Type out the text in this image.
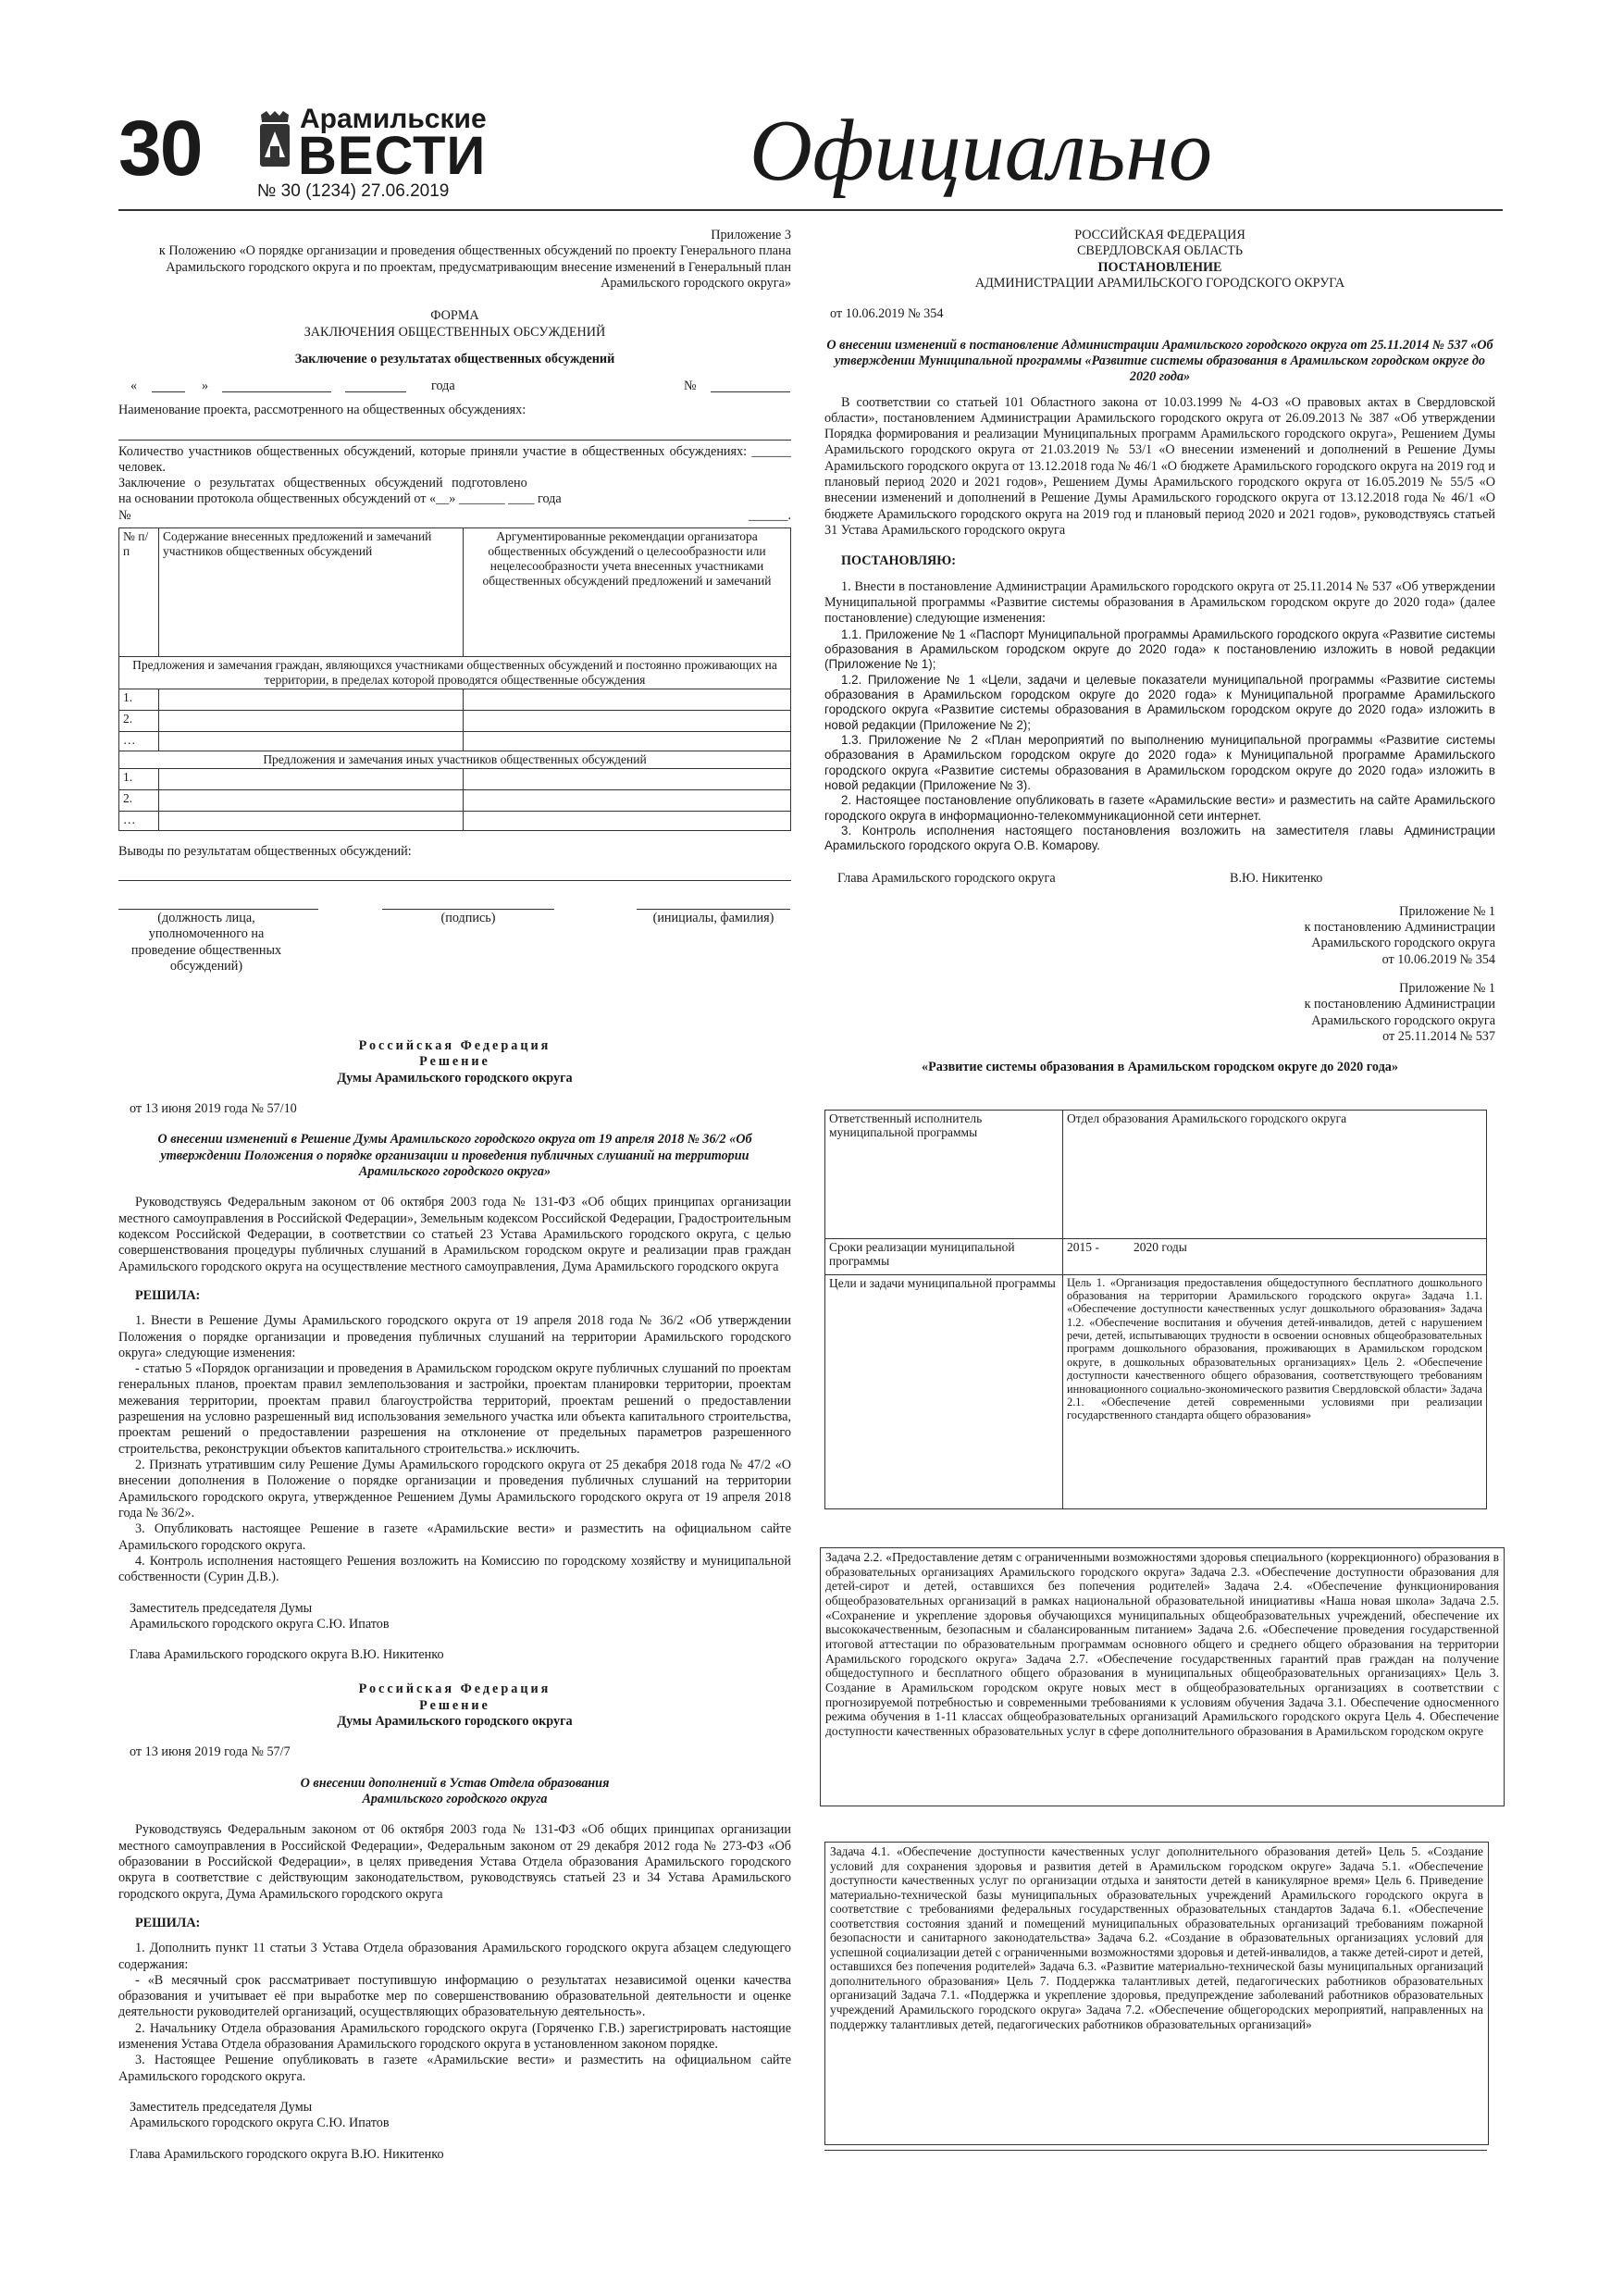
30	Арамильские
ВЕСТИ
№ 30 (1234) 27.06.2019	Официально

Приложение 3

к Положению «О порядке организации и проведения общественных обсуждений по проекту Генерального плана Арамильского городского округа и по проектам, предусматривающим внесение изменений в Генеральный план Арамильского городского округа»

ФОРМА

ЗАКЛЮЧЕНИЯ ОБЩЕСТВЕННЫХ ОБСУЖДЕНИЙ

Заключение о результатах общественных обсуждений

«	»	года	№

Наименование проекта, рассмотренного на общественных обсуждениях:

Количество участников общественных обсуждений, которые приняли участие в общественных обсуждениях: ______ человек.

Заключение о результатах общественных обсуждений подготовлено

на основании протокола общественных обсуждений от «__» _______ ____ года

№	______.

№ п/п	Содержание внесенных предложений и замечаний участников общественных обсуждений	Аргументированные рекомендации организатора общественных обсуждений о целесообразности или нецелесообразности учета внесенных участниками общественных обсуждений предложений и замечаний
Предложения и замечания граждан, являющихся участниками общественных обсуждений и постоянно проживающих на территории, в пределах которой проводятся общественные обсуждения		
1.		
2.		
…		
Предложения и замечания иных участников общественных обсуждений		
1.		
2.		
…		

Выводы по результатам общественных обсуждений:

(должность лица, уполномоченного на проведение общественных обсуждений)
(подпись)	(инициалы, фамилия)

Российская Федерация

Решение

Думы Арамильского городского округа

от 13 июня 2019 года № 57/10

О внесении изменений в Решение Думы Арамильского городского округа от 19 апреля 2018 № 36/2 «Об утверждении Положения о порядке организации и проведения публичных слушаний на территории Арамильского городского округа»

Руководствуясь Федеральным законом от 06 октября 2003 года № 131-ФЗ «Об общих принципах организации местного самоуправления в Российской Федерации», Земельным кодексом Российской Федерации, Градостроительным кодексом Российской Федерации, в соответствии со статьей 23 Устава Арамильского городского округа, с целью совершенствования процедуры публичных слушаний в Арамильском городском округе и реализации прав граждан Арамильского городского округа на осуществление местного самоуправления, Дума Арамильского городского округа

РЕШИЛА:

1. Внести в Решение Думы Арамильского городского округа от 19 апреля 2018 года № 36/2 «Об утверждении Положения о порядке организации и проведения публичных слушаний на территории Арамильского городского округа» следующие изменения:

- статью 5 «Порядок организации и проведения в Арамильском городском округе публичных слушаний по проектам генеральных планов, проектам правил землепользования и застройки, проектам планировки территории, проектам межевания территории, проектам правил благоустройства территорий, проектам решений о предоставлении разрешения на условно разрешенный вид использования земельного участка или объекта капитального строительства, проектам решений о предоставлении разрешения на отклонение от предельных параметров разрешенного строительства, реконструкции объектов капитального строительства.» исключить.

2. Признать утратившим силу Решение Думы Арамильского городского округа от 25 декабря 2018 года № 47/2 «О внесении дополнения в Положение о порядке организации и проведения публичных слушаний на территории Арамильского городского округа, утвержденное Решением Думы Арамильского городского округа от 19 апреля 2018 года № 36/2».

3. Опубликовать настоящее Решение в газете «Арамильские вести» и разместить на официальном сайте Арамильского городского округа.

4. Контроль исполнения настоящего Решения возложить на Комиссию по городскому хозяйству и муниципальной собственности (Сурин Д.В.).

Заместитель председателя Думы

Арамильского городского округа С.Ю. Ипатов

Глава Арамильского городского округа В.Ю. Никитенко

Российская Федерация

Решение

Думы Арамильского городского округа

от 13 июня 2019 года № 57/7

О внесении дополнений в Устав Отдела образования Арамильского городского округа

Руководствуясь Федеральным законом от 06 октября 2003 года № 131-ФЗ «Об общих принципах организации местного самоуправления в Российской Федерации», Федеральным законом от 29 декабря 2012 года № 273-ФЗ «Об образовании в Российской Федерации», в целях приведения Устава Отдела образования Арамильского городского округа в соответствие с действующим законодательством, руководствуясь статьей 23 и 34 Устава Арамильского городского округа, Дума Арамильского городского округа

РЕШИЛА:

1. Дополнить пункт 11 статьи 3 Устава Отдела образования Арамильского городского округа абзацем следующего содержания:

- «В месячный срок рассматривает поступившую информацию о результатах независимой оценки качества образования и учитывает её при выработке мер по совершенствованию образовательной деятельности и оценке деятельности руководителей организаций, осуществляющих образовательную деятельность».

2. Начальнику Отдела образования Арамильского городского округа (Горяченко Г.В.) зарегистрировать настоящие изменения Устава Отдела образования Арамильского городского округа в установленном законом порядке.

3. Настоящее Решение опубликовать в газете «Арамильские вести» и разместить на официальном сайте Арамильского городского округа.

Заместитель председателя Думы

Арамильского городского округа С.Ю. Ипатов

Глава Арамильского городского округа В.Ю. Никитенко

РОССИЙСКАЯ ФЕДЕРАЦИЯ

СВЕРДЛОВСКАЯ ОБЛАСТЬ

ПОСТАНОВЛЕНИЕ

АДМИНИСТРАЦИИ АРАМИЛЬСКОГО ГОРОДСКОГО ОКРУГА

от 10.06.2019 № 354

О внесении изменений в постановление Администрации Арамильского городского округа от 25.11.2014 № 537 «Об утверждении Муниципальной программы «Развитие системы образования в Арамильском городском округе до 2020 года»

В соответствии со статьей 101 Областного закона от 10.03.1999 № 4-ОЗ «О правовых актах в Свердловской области», постановлением Администрации Арамильского городского округа от 26.09.2013 № 387 «Об утверждении Порядка формирования и реализации Муниципальных программ Арамильского городского округа», Решением Думы Арамильского городского округа от 21.03.2019 № 53/1 «О внесении изменений и дополнений в Решение Думы Арамильского городского округа от 13.12.2018 года № 46/1 «О бюджете Арамильского городского округа на 2019 год и плановый период 2020 и 2021 годов», Решением Думы Арамильского городского округа от 16.05.2019 № 55/5 «О внесении изменений и дополнений в Решение Думы Арамильского городского округа от 13.12.2018 года № 46/1 «О бюджете Арамильского городского округа на 2019 год и плановый период 2020 и 2021 годов», руководствуясь статьей 31 Устава Арамильского городского округа

ПОСТАНОВЛЯЮ:

1. Внести в постановление Администрации Арамильского городского округа от 25.11.2014 № 537 «Об утверждении Муниципальной программы «Развитие системы образования в Арамильском городском округе до 2020 года» (далее постановление) следующие изменения:

1.1. Приложение № 1 «Паспорт Муниципальной программы Арамильского городского округа «Развитие системы образования в Арамильском городском округе до 2020 года» к постановлению изложить в новой редакции (Приложение № 1);

1.2. Приложение № 1 «Цели, задачи и целевые показатели муниципальной программы «Развитие системы образования в Арамильском городском округе до 2020 года» к Муниципальной программе Арамильского городского округа «Развитие системы образования в Арамильском городском округе до 2020 года» изложить в новой редакции (Приложение № 2);

1.3. Приложение № 2 «План мероприятий по выполнению муниципальной программы «Развитие системы образования в Арамильском городском округе до 2020 года» к Муниципальной программе Арамильского городского округа «Развитие системы образования в Арамильском городском округе до 2020 года» изложить в новой редакции (Приложение № 3).

2. Настоящее постановление опубликовать в газете «Арамильские вести» и разместить на сайте Арамильского городского округа в информационно-телекоммуникационной сети интернет.

3. Контроль исполнения настоящего постановления возложить на заместителя главы Администрации Арамильского городского округа О.В. Комарову.

Глава Арамильского городского округа	В.Ю. Никитенко

Приложение № 1

к постановлению Администрации

Арамильского городского округа

от 10.06.2019 № 354

Приложение № 1

к постановлению Администрации

Арамильского городского округа

от 25.11.2014 № 537

«Развитие системы образования в Арамильском городском округе до 2020 года»

Ответственный исполнитель муниципальной программы	Отдел образования Арамильского городского округа
Сроки реализации муниципальной программы	2015 -           2020 годы
Цели и задачи муниципальной программы	Цель 1. «Организация предоставления общедоступного бесплатного дошкольного образования на территории Арамильского городского округа» Задача 1.1. «Обеспечение доступности качественных услуг дошкольного образования» Задача 1.2. «Обеспечение воспитания и обучения детей-инвалидов, детей с нарушением речи, детей, испытывающих трудности в освоении основных общеобразовательных программ дошкольного образования, проживающих в Арамильском городском округе, в дошкольных образовательных организациях» Цель 2. «Обеспечение доступности качественного общего образования, соответствующего требованиям инновационного социально-экономического развития Свердловской области» Задача 2.1. «Обеспечение детей современными условиями при реализации государственного стандарта общего образования»
Задача 2.2. «Предоставление детям с ограниченными возможностями здоровья специального (коррекционного) образования в образовательных организациях Арамильского городского округа» Задача 2.3. «Обеспечение доступности образования для детей-сирот и детей, оставшихся без попечения родителей» Задача 2.4. «Обеспечение функционирования общеобразовательных организаций в рамках национальной образовательной инициативы «Наша новая школа» Задача 2.5. «Сохранение и укрепление здоровья обучающихся муниципальных общеобразовательных учреждений, обеспечение их высококачественным, безопасным и сбалансированным питанием» Задача 2.6. «Обеспечение проведения государственной итоговой аттестации по образовательным программам основного общего и среднего общего образования на территории Арамильского городского округа» Задача 2.7. «Обеспечение государственных гарантий прав граждан на получение общедоступного и бесплатного общего образования в муниципальных общеобразовательных организациях» Цель 3. Создание в Арамильском городском округе новых мест в общеобразовательных организациях в соответствии с прогнозируемой потребностью и современными требованиями к условиям обучения Задача 3.1. Обеспечение односменного режима обучения в 1-11 классах общеобразовательных организаций Арамильского городского округа Цель 4. Обеспечение доступности качественных образовательных услуг в сфере дополнительного образования в Арамильском городском округе
Задача 4.1. «Обеспечение доступности качественных услуг дополнительного образования детей» Цель 5. «Создание условий для сохранения здоровья и развития детей в Арамильском городском округе» Задача 5.1. «Обеспечение доступности качественных услуг по организации отдыха и занятости детей в каникулярное время» Цель 6. Приведение материально-технической базы муниципальных образовательных учреждений Арамильского городского округа в соответствие с требованиями федеральных государственных образовательных стандартов Задача 6.1. «Обеспечение соответствия состояния зданий и помещений муниципальных образовательных организаций требованиям пожарной безопасности и санитарного законодательства» Задача 6.2. «Создание в образовательных организациях условий для успешной социализации детей с ограниченными возможностями здоровья и детей-инвалидов, а также детей-сирот и детей, оставшихся без попечения родителей» Задача 6.3. «Развитие материально-технической базы муниципальных организаций дополнительного образования» Цель 7. Поддержка талантливых детей, педагогических работников образовательных организаций Задача 7.1. «Поддержка и укрепление здоровья, предупреждение заболеваний работников образовательных учреждений Арамильского городского округа» Задача 7.2. «Обеспечение общегородских мероприятий, направленных на поддержку талантливых детей, педагогических работников образовательных организаций»
